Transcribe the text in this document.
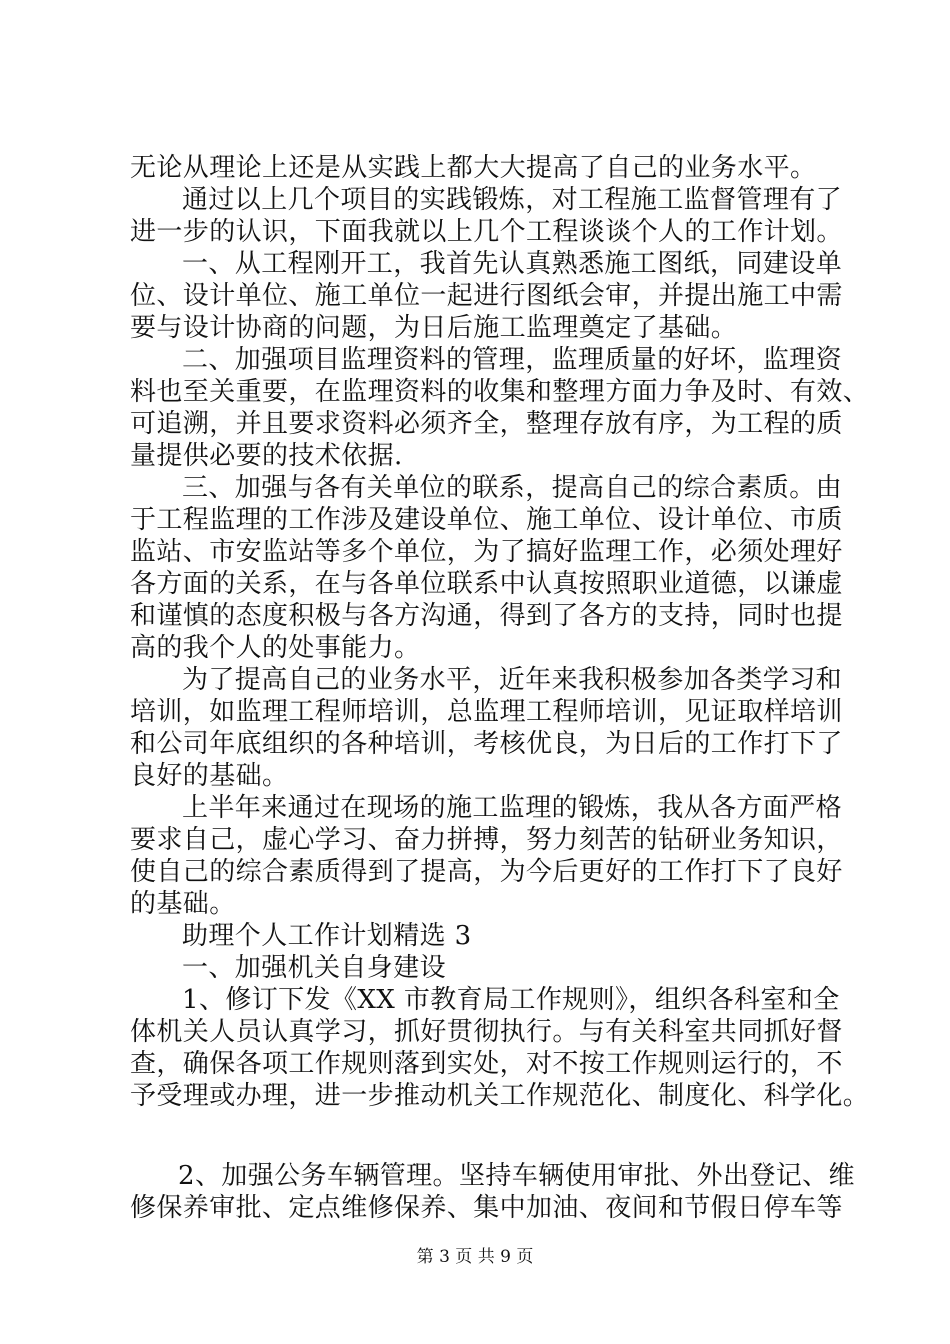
无论从理论上还是从实践上都大大提高了自己的业务水平。
通过以上几个项目的实践锻炼，对工程施工监督管理有了
进一步的认识，下面我就以上几个工程谈谈个人的工作计划。
一、从工程刚开工，我首先认真熟悉施工图纸，同建设单
位、设计单位、施工单位一起进行图纸会审，并提出施工中需
要与设计协商的问题，为日后施工监理奠定了基础。
二、加强项目监理资料的管理，监理质量的好坏，监理资
料也至关重要，在监理资料的收集和整理方面力争及时、有效、
可追溯，并且要求资料必须齐全，整理存放有序，为工程的质
量提供必要的技术依据.
三、加强与各有关单位的联系，提高自己的综合素质。由
于工程监理的工作涉及建设单位、施工单位、设计单位、市质
监站、市安监站等多个单位，为了搞好监理工作，必须处理好
各方面的关系，在与各单位联系中认真按照职业道德，以谦虚
和谨慎的态度积极与各方沟通，得到了各方的支持，同时也提
高的我个人的处事能力。
为了提高自己的业务水平，近年来我积极参加各类学习和
培训，如监理工程师培训，总监理工程师培训，见证取样培训
和公司年底组织的各种培训，考核优良，为日后的工作打下了
良好的基础。
上半年来通过在现场的施工监理的锻炼，我从各方面严格
要求自己，虚心学习、奋力拼搏，努力刻苦的钻研业务知识，
使自己的综合素质得到了提高，为今后更好的工作打下了良好
的基础。
助理个人工作计划精选 3
一、加强机关自身建设
1、修订下发《XX 市教育局工作规则》，组织各科室和全
体机关人员认真学习，抓好贯彻执行。与有关科室共同抓好督
查，确保各项工作规则落到实处，对不按工作规则运行的，不
予受理或办理，进一步推动机关工作规范化、制度化、科学化。
2、加强公务车辆管理。坚持车辆使用审批、外出登记、维
修保养审批、定点维修保养、集中加油、夜间和节假日停车等
第 3 页 共 9 页
